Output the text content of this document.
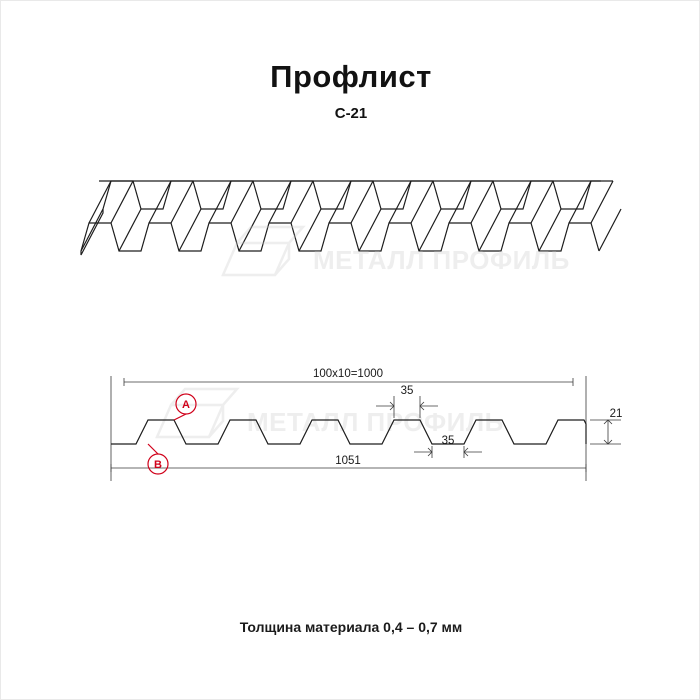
Профлист
С-21
МЕТАЛЛ ПРОФИЛЬ
МЕТАЛЛ ПРОФИЛЬ
A
B
100х10=1000
1051
21
35
35
Толщина материала 0,4 – 0,7 мм
